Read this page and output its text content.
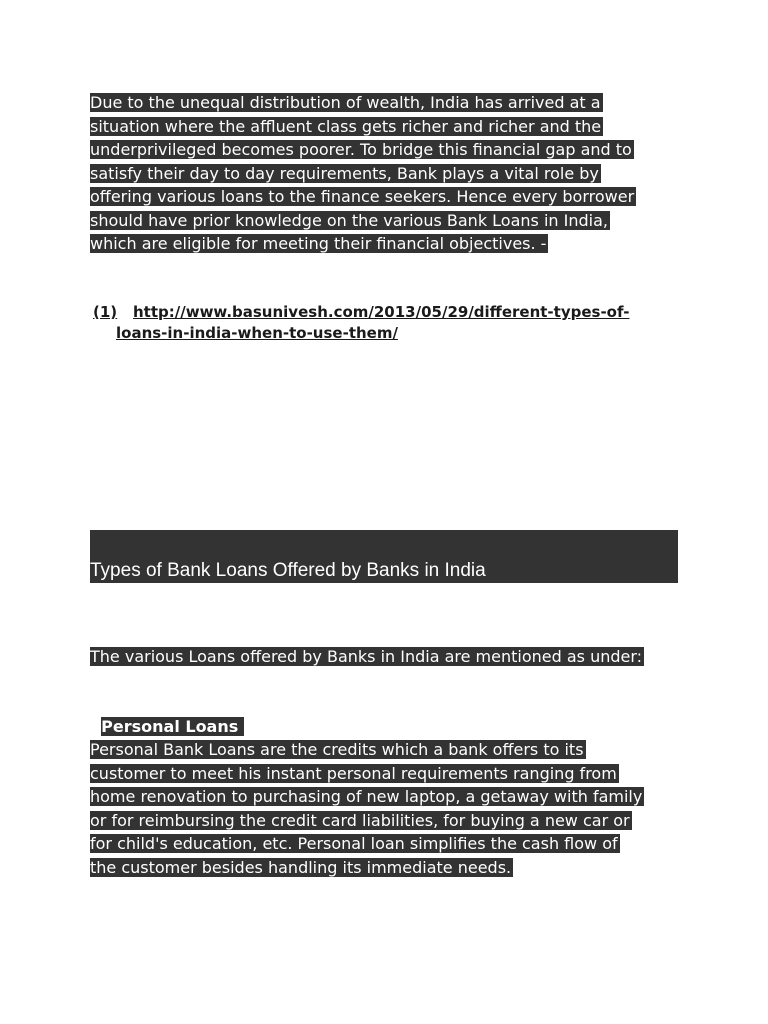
Due to the unequal distribution of wealth, India has arrived at a
situation where the affluent class gets richer and richer and the
underprivileged becomes poorer. To bridge this financial gap and to
satisfy their day to day requirements, Bank plays a vital role by
offering various loans to the finance seekers. Hence every borrower
should have prior knowledge on the various Bank Loans in India,
which are eligible for meeting their financial objectives. -
(1) http://www.basunivesh.com/2013/05/29/different-types-of-
loans-in-india-when-to-use-them/
Types of Bank Loans Offered by Banks in India
The various Loans offered by Banks in India are mentioned as under:

Personal Loans

Personal Bank Loans are the credits which a bank offers to its
customer to meet his instant personal requirements ranging from
home renovation to purchasing of new laptop, a getaway with family
or for reimbursing the credit card liabilities, for buying a new car or
for child's education, etc. Personal loan simplifies the cash flow of
the customer besides handling its immediate needs.
